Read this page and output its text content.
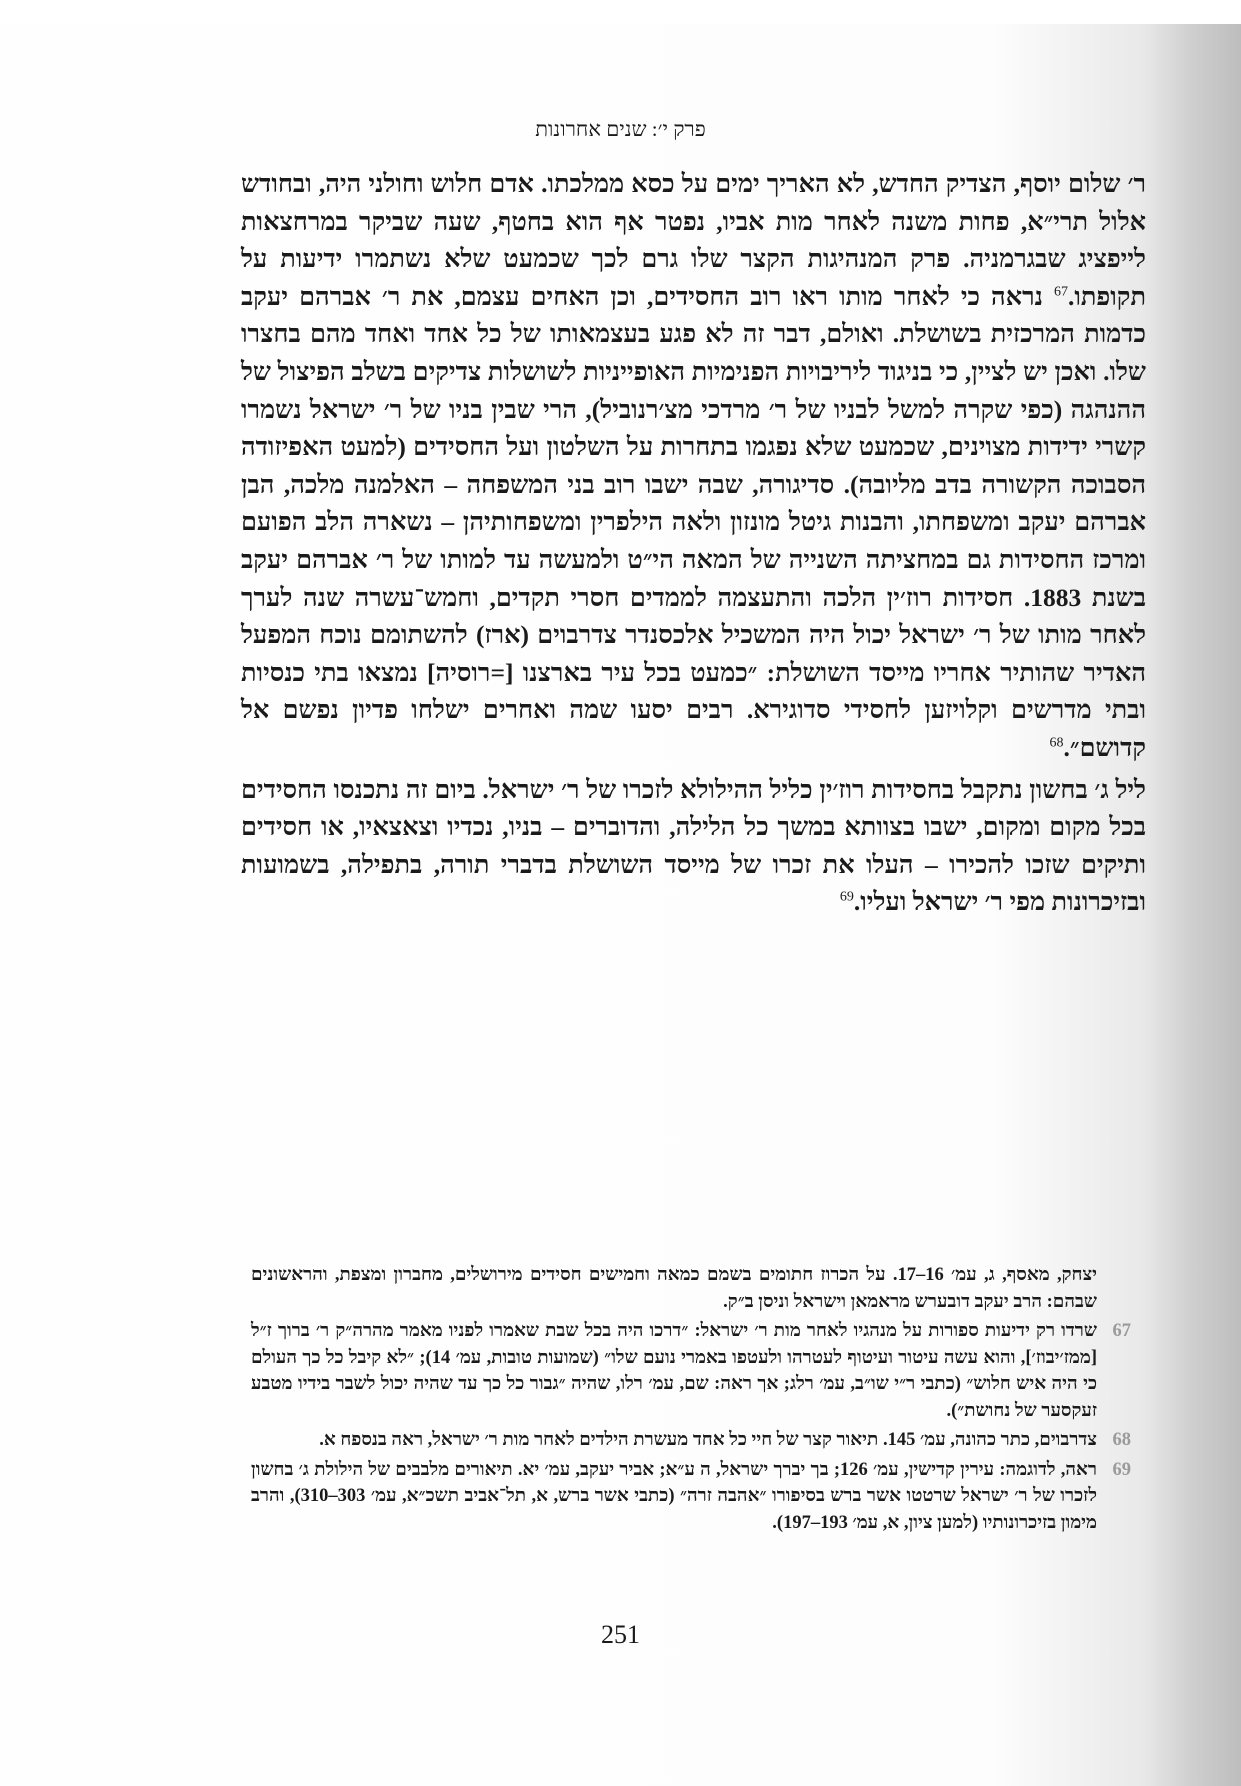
פרק י׳: שנים אחרונות

ר׳ שלום יוסף, הצדיק החדש, לא האריך ימים על כסא ממלכתו. אדם חלוש וחולני היה, ובחודש אלול תרי״א, פחות משנה לאחר מות אביו, נפטר אף הוא בחטף, שעה שביקר במרחצאות לייפציג שבגרמניה. פרק המנהיגות הקצר שלו גרם לכך שכמעט שלא נשתמרו ידיעות על תקופתו.$^{67}$ נראה כי לאחר מותו ראו רוב החסידים, וכן האחים עצמם, את ר׳ אברהם יעקב כדמות המרכזית בשושלת. ואולם, דבר זה לא פגע בעצמאותו של כל אחד ואחד מהם בחצרו שלו. ואכן יש לציין, כי בניגוד ליריבויות הפנימיות האופייניות לשושלות צדיקים בשלב הפיצול של ההנהגה (כפי שקרה למשל לבניו של ר׳ מרדכי מצ׳רנוביל), הרי שבין בניו של ר׳ ישראל נשמרו קשרי ידידות מצוינים, שכמעט שלא נפגמו בתחרות על השלטון ועל החסידים (למעט האפיזודה הסבוכה הקשורה בדב מליובה). סדיגורה, שבה ישבו רוב בני המשפחה – האלמנה מלכה, הבן אברהם יעקב ומשפחתו, והבנות גיטל מונזון ולאה הילפרין ומשפחותיהן – נשארה הלב הפועם ומרכז החסידות גם במחציתה השנייה של המאה הי״ט ולמעשה עד למותו של ר׳ אברהם יעקב בשנת 1883. חסידות רוז׳ין הלכה והתעצמה לממדים חסרי תקדים, וחמש־עשרה שנה לערך לאחר מותו של ר׳ ישראל יכול היה המשכיל אלכסנדר צדרבוים (ארז) להשתומם נוכח המפעל האדיר שהותיר אחריו מייסד השושלת: ״כמעט בכל עיר בארצנו [=רוסיה] נמצאו בתי כנסיות ובתי מדרשים וקלויזען לחסידי סדוגירא. רבים יסעו שמה ואחרים ישלחו פדיון נפשם אל קדושם״.$^{68}$

ליל ג׳ בחשון נתקבל בחסידות רוז׳ין כליל ההילולא לזכרו של ר׳ ישראל. ביום זה נתכנסו החסידים בכל מקום ומקום, ישבו בצוותא במשך כל הלילה, והדוברים – בניו, נכדיו וצאצאיו, או חסידים ותיקים שזכו להכירו – העלו את זכרו של מייסד השושלת בדברי תורה, בתפילה, בשמועות ובזיכרונות מפי ר׳ ישראל ועליו.$^{69}$

יצחק, מאסף, ג, עמ׳ 16–17. על הכרוז חתומים בשמם כמאה וחמישים חסידים מירושלים, מחברון ומצפת, והראשונים שבהם: הרב יעקב דובערש מראמאן וישראל וניסן ב״ק.
67
שרדו רק ידיעות ספורות על מנהגיו לאחר מות ר׳ ישראל: ״דרכו היה בכל שבת שאמרו לפניו מאמר מהרה״ק ר׳ ברוך ז״ל [ממז׳יבוז׳], והוא עשה עיטור ועיטוף לעטרהו ולעטפו באמרי נועם שלו״ (שמועות טובות, עמ׳ 14); ״לא קיבל כל כך העולם כי היה איש חלוש״ (כתבי ר״י שו״ב, עמ׳ רלג; אך ראה: שם, עמ׳ רלו, שהיה ״גבור כל כך עד שהיה יכול לשבר בידיו מטבע זעקסער של נחושת״).
68
צדרבוים, כתר כהונה, עמ׳ 145. תיאור קצר של חיי כל אחד מעשרת הילדים לאחר מות ר׳ ישראל, ראה בנספח א.
69
ראה, לדוגמה: עירין קדישין, עמ׳ 126; בך יברך ישראל, ה ע״א; אביר יעקב, עמ׳ יא. תיאורים מלבבים של הילולת ג׳ בחשון לזכרו של ר׳ ישראל שרטטו אשר ברש בסיפורו ״אהבה זרה״ (כתבי אשר ברש, א, תל־אביב תשכ״א, עמ׳ 303–310), והרב מימון בזיכרונותיו (למען ציון, א, עמ׳ 193–197).
251
